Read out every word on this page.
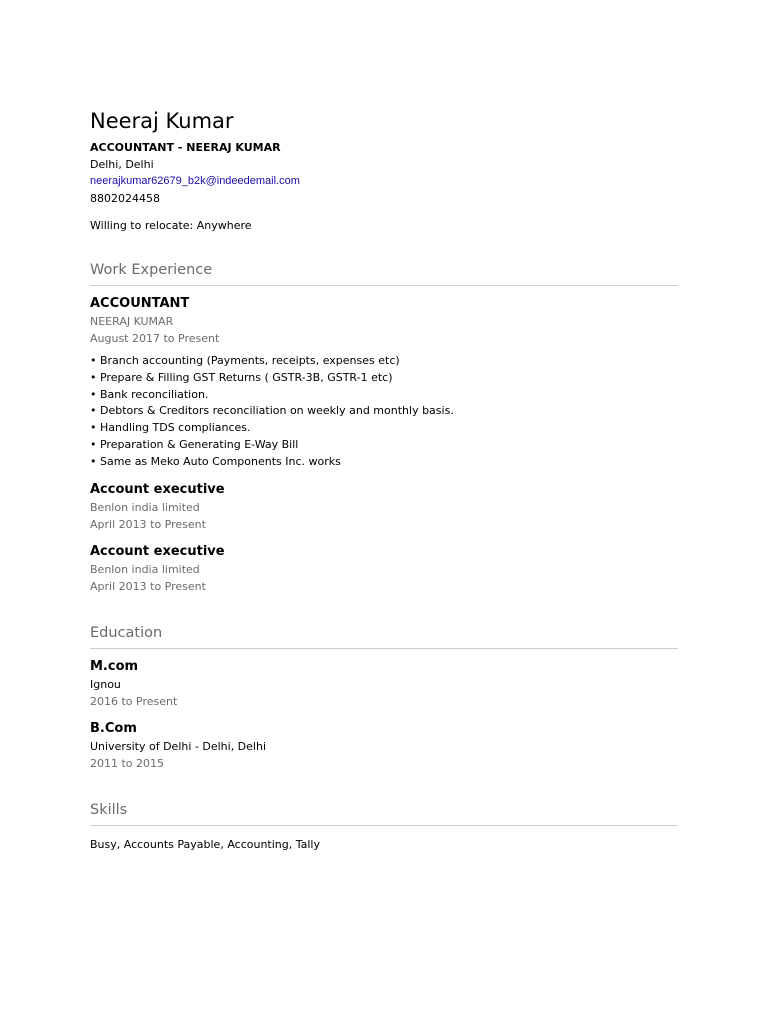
Neeraj Kumar
ACCOUNTANT - NEERAJ KUMAR
Delhi, Delhi
neerajkumar62679_b2k@indeedemail.com
8802024458
Willing to relocate: Anywhere
Work Experience
ACCOUNTANT
NEERAJ KUMAR
August 2017 to Present
• Branch accounting (Payments, receipts, expenses etc)
• Prepare & Filling GST Returns ( GSTR-3B, GSTR-1 etc)
• Bank reconciliation.
• Debtors & Creditors reconciliation on weekly and monthly basis.
• Handling TDS compliances.
• Preparation & Generating E-Way Bill
• Same as Meko Auto Components Inc. works
Account executive
Benlon india limited
April 2013 to Present
Account executive
Benlon india limited
April 2013 to Present
Education
M.com
Ignou
2016 to Present
B.Com
University of Delhi - Delhi, Delhi
2011 to 2015
Skills
Busy, Accounts Payable, Accounting, Tally
